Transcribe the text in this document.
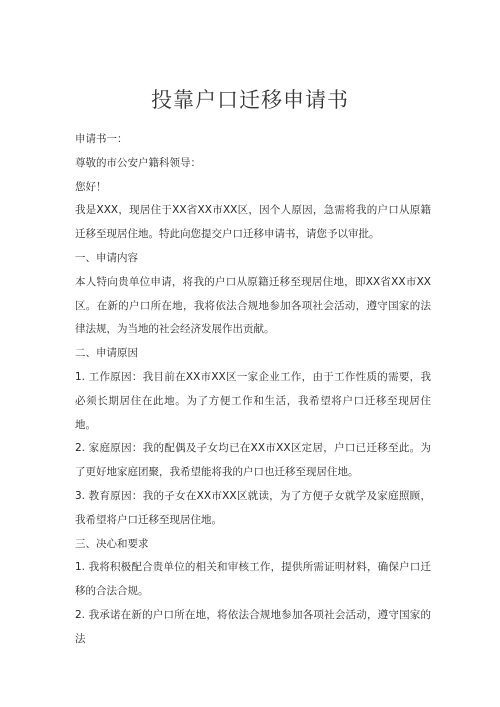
投靠户口迁移申请书

申请书一：

尊敬的市公安户籍科领导：

您好！

我是XXX，现居住于XX省XX市XX区，因个人原因，急需将我的户口从原籍迁移至现居住地。特此向您提交户口迁移申请书，请您予以审批。

一、申请内容

本人特向贵单位申请，将我的户口从原籍迁移至现居住地，即XX省XX市XX区。在新的户口所在地，我将依法合规地参加各项社会活动，遵守国家的法律法规，为当地的社会经济发展作出贡献。

二、申请原因

1. 工作原因：我目前在XX市XX区一家企业工作，由于工作性质的需要，我必须长期居住在此地。为了方便工作和生活，我希望将户口迁移至现居住地。

2. 家庭原因：我的配偶及子女均已在XX市XX区定居，户口已迁移至此。为了更好地家庭团聚，我希望能将我的户口也迁移至现居住地。

3. 教育原因：我的子女在XX市XX区就读，为了方便子女就学及家庭照顾，我希望将户口迁移至现居住地。

三、决心和要求

1. 我将积极配合贵单位的相关和审核工作，提供所需证明材料，确保户口迁移的合法合规。

2. 我承诺在新的户口所在地，将依法合规地参加各项社会活动，遵守国家的法
